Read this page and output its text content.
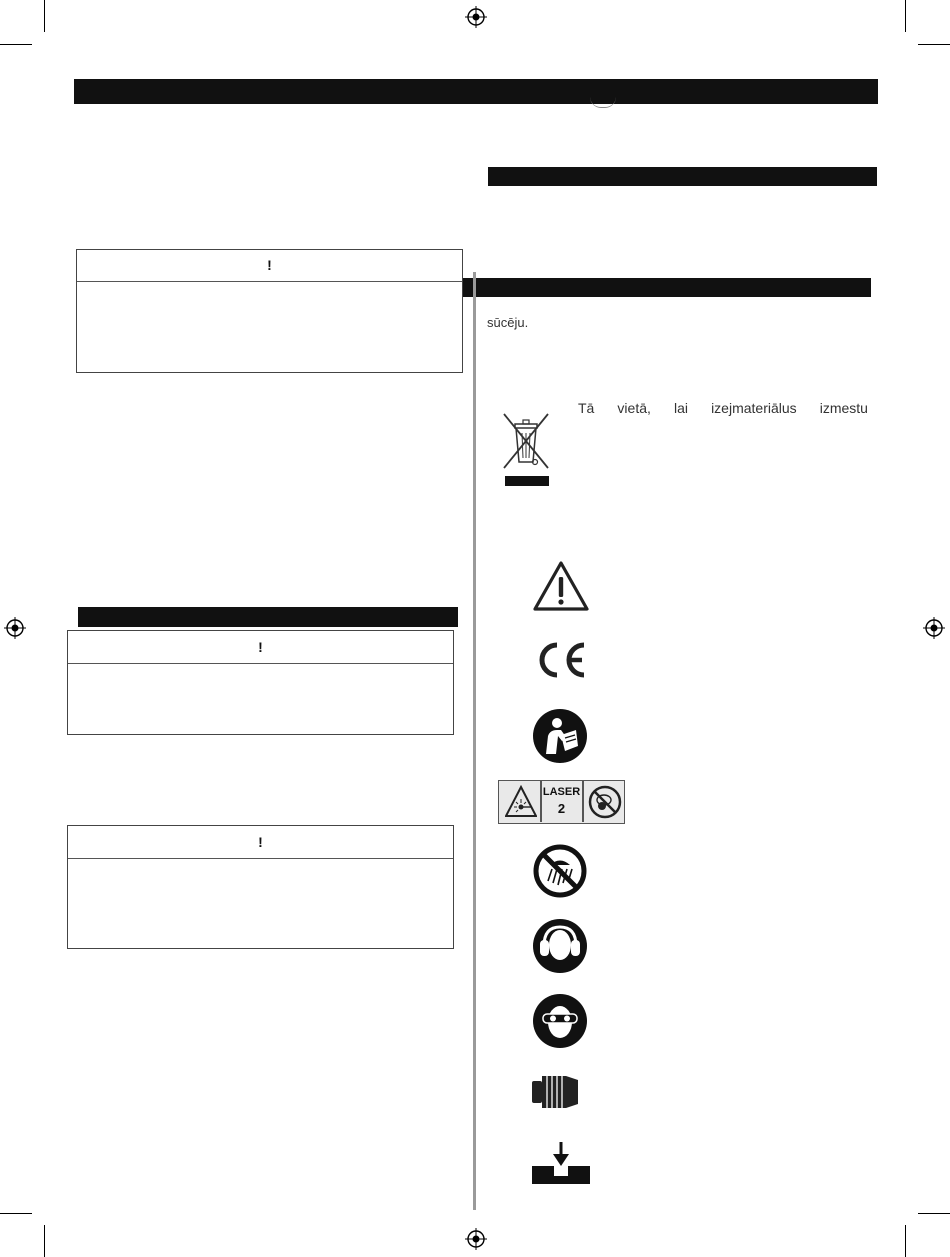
!
!
!
sūcēju.
Tā vietā, lai izejmateriālus izmestu
LASER
2
